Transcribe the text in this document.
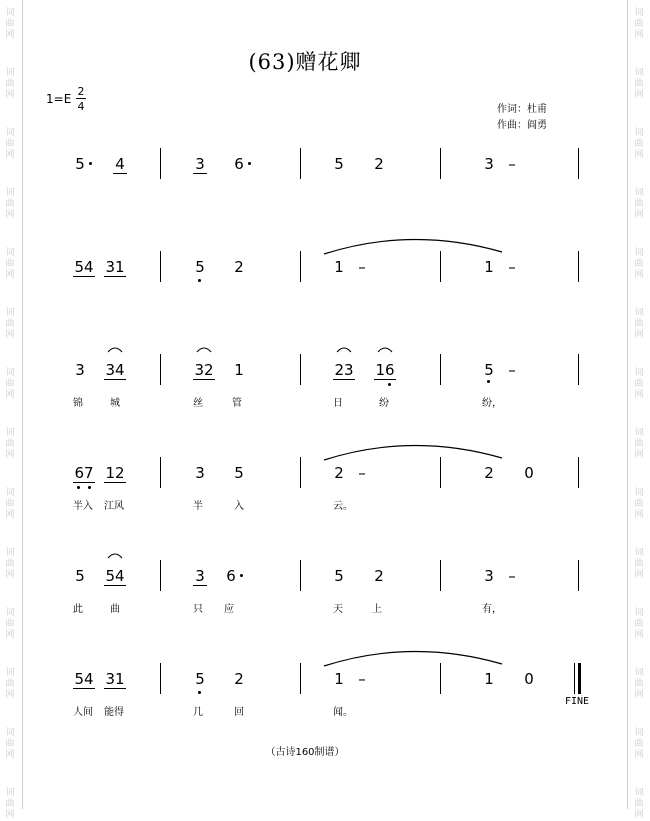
词
曲
网
词
曲
网
词
曲
网
词
曲
网
词
曲
网
词
曲
网
词
曲
网
词
曲
网
词
曲
网
词
曲
网
词
曲
网
词
曲
网
词
曲
网
词
曲
网
词
曲
网
词
曲
网
词
曲
网
词
曲
网
词
曲
网
词
曲
网
词
曲
网
词
曲
网
词
曲
网
词
曲
网
词
曲
网
词
曲
网
词
曲
网
词
曲
网

(63)赠花卿
1=E
2
4	作词：杜甫
作曲：阎勇
5 4	3 6	5 2	3 –
54 31	5 2	1 –	1 –
3 34	32 1	23 16	5 –
锦	城	丝	管	日	纷	纷，
67 12	3 5	2 –	2 0
半入	江风	半	入	云。
5 54	3 6	5 2	3 –
此	曲	只	应	天	上	有，
54 31	5 2	1 –	1 0
FINE
人间	能得	几	回	闻。
（古诗160制谱）
